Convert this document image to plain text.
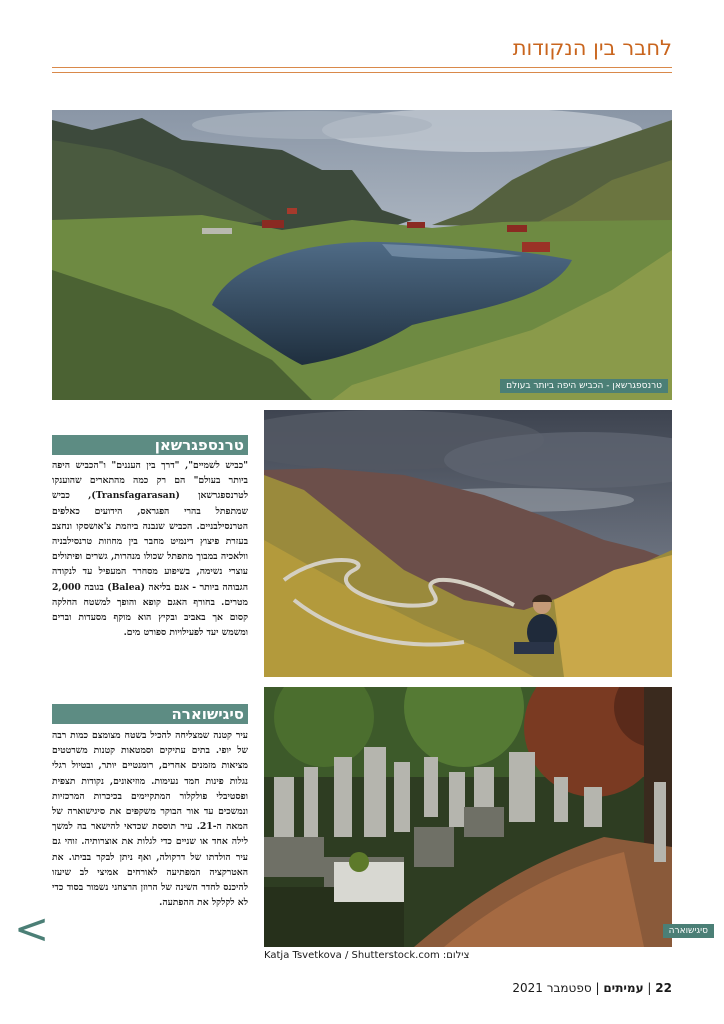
לחבר בין הנקודות
טרנספגרשאן - הכביש היפה ביותר בעולם
סיגישוארה
טרנספגרשאן

"כביש לשמיים", "דרך בין העננים" ו"הכביש היפה ביותר בעולם" הם רק כמה מהתארים שהוענקו לטרנספגרשאן (Transfagarasan), כביש שמתפתל בהרי הפגראס, הידועים כאלפים הטרנסילבניים. הכביש שנבנה ביוזמת צ'אושסקו ונחצב בעזרת פיצוץ דינמיט מחבר בין מחוזות טרנסילבניה וולאכיה במבוך מתפתל שכולו מנהרות, גשרים ופיתולים עוצרי נשימה, בשיפוע מסחרר המעפיל עד לנקודה הגבוהה ביותר - אגם בליאה (Balea) בגובה 2,000 מטרים. בחורף האגם קופא והופך למשטח החלקה קסום אך באביב ובקיץ הוא מוקף מסעדות וברים ומשמש יעד לפעילויות ספורט מים.

סיגישוארה

עיר קטנה שמצליחה להכיל בשטח מצומצם כמות רבה של יופי. בתים עתיקים וסמטאות קטנות משרטטים מציאות מזמנים אחרים, רומנטיים יותר, ובטיול רגלי נגלות פינות חמד נעימות. מוזיאונים, נקודות תצפית ופסטיבלי פולקלור המתקיימים בכיכרות המרכזיות ונמשכים עד אור הבוקר משקפים את סיגישוארה של המאה ה-21. עיר תוססת שכדאי להישאר בה למשך לילה אחד או שניים כדי לגלות את אוצרותיה. זוהי גם עיר הולדתו של דרקולה, ואף ניתן לבקר בביתו. את האטרקציה המפתיעה לאורחים אמיצי לב שיעזו להיכנס לחדר השינה של הרוזן הרצחני נשמור בסוד כדי לא לקלקל את ההפתעה.

Katja Tsvetkova / Shutterstock.com צילום:
<
22 | עמיתים | ספטמבר 2021
